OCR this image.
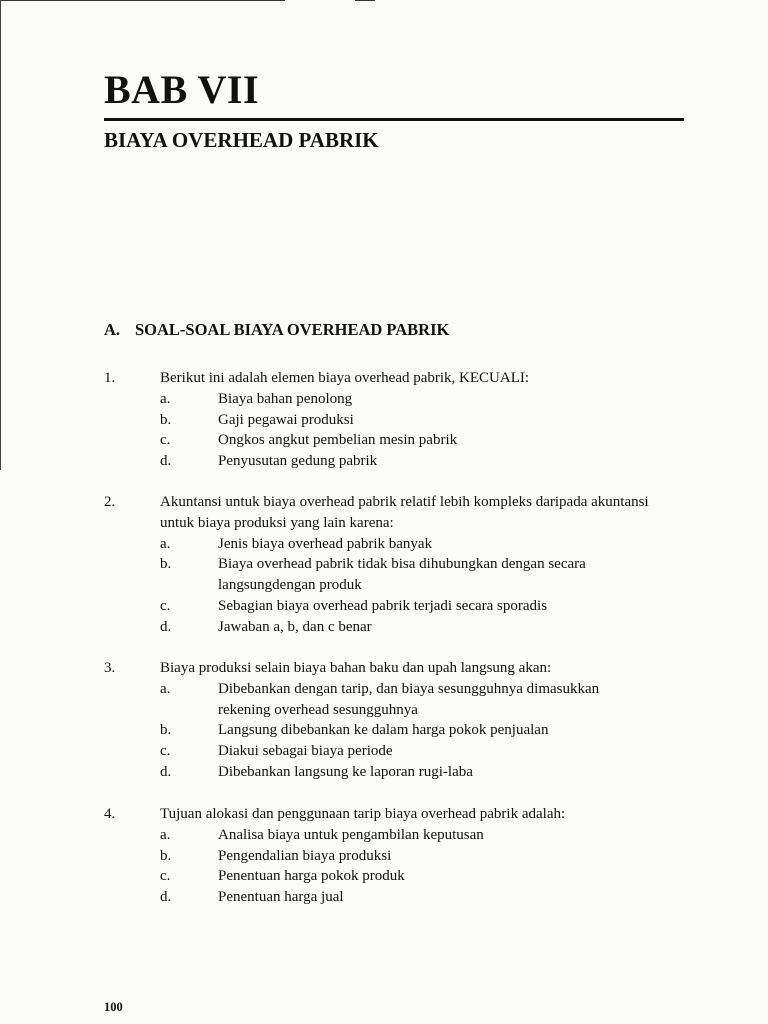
BAB VII
BIAYA OVERHEAD PABRIK
A. SOAL-SOAL BIAYA OVERHEAD PABRIK
1.	Berikut ini adalah elemen biaya overhead pabrik, KECUALI:
a.	Biaya bahan penolong
b.	Gaji pegawai produksi
c.	Ongkos angkut pembelian mesin pabrik
d.	Penyusutan gedung pabrik
2.	Akuntansi untuk biaya overhead pabrik relatif lebih kompleks daripada akuntansi untuk biaya produksi yang lain karena:
a.	Jenis biaya overhead pabrik banyak
b.	Biaya overhead pabrik tidak bisa dihubungkan dengan secara langsungdengan produk
c.	Sebagian biaya overhead pabrik terjadi secara sporadis
d.	Jawaban a, b, dan c benar
3.	Biaya produksi selain biaya bahan baku dan upah langsung akan:
a.	Dibebankan dengan tarip, dan biaya sesungguhnya dimasukkan rekening overhead sesungguhnya
b.	Langsung dibebankan ke dalam harga pokok penjualan
c.	Diakui sebagai biaya periode
d.	Dibebankan langsung ke laporan rugi-laba
4.	Tujuan alokasi dan penggunaan tarip biaya overhead pabrik adalah:
a.	Analisa biaya untuk pengambilan keputusan
b.	Pengendalian biaya produksi
c.	Penentuan harga pokok produk
d.	Penentuan harga jual
100
